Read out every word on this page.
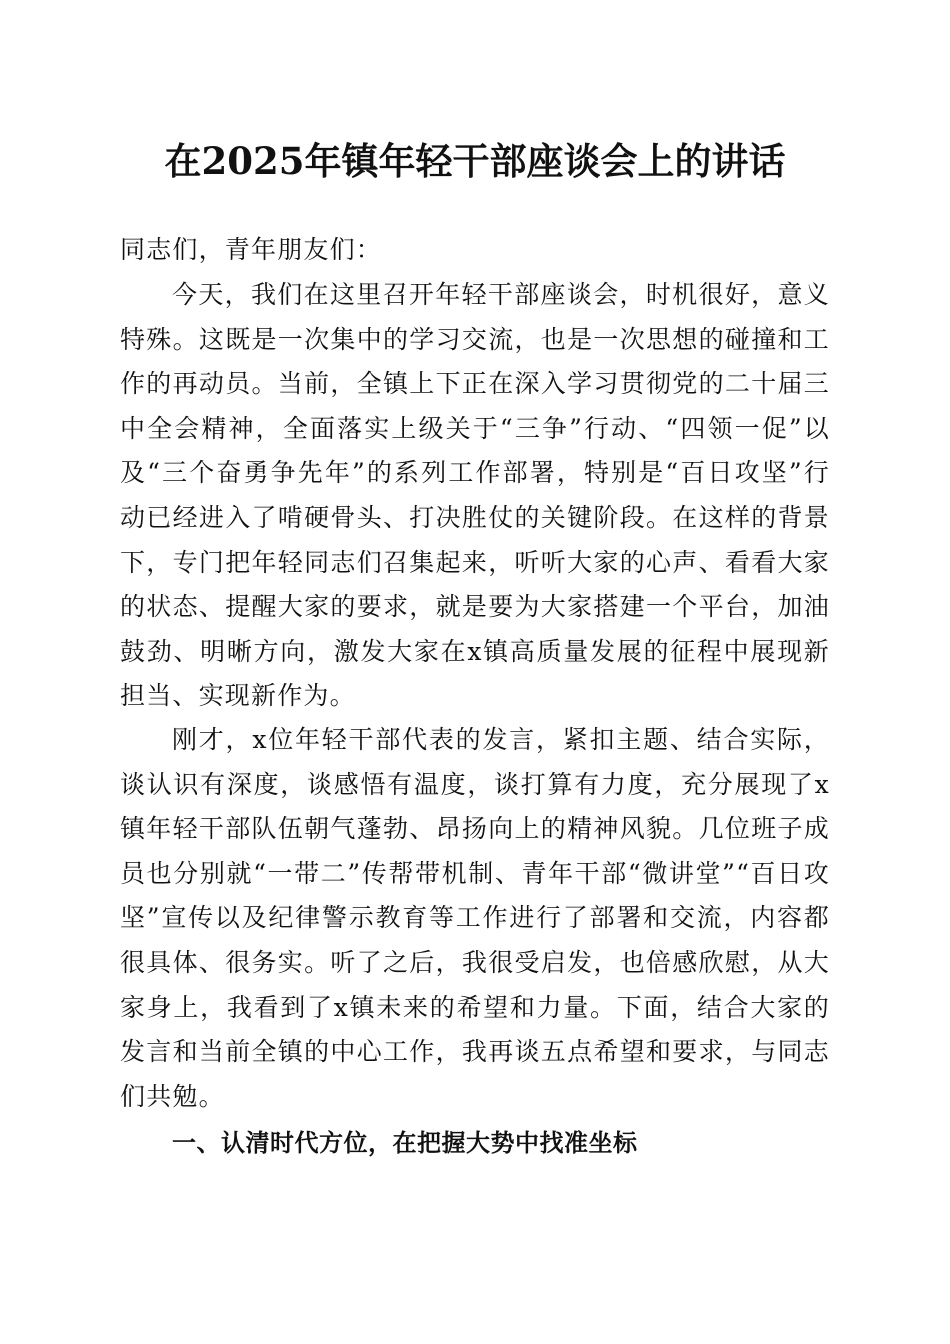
在2025年镇年轻干部座谈会上的讲话

同志们，青年朋友们：

今天，我们在这里召开年轻干部座谈会，时机很好，意义特殊。这既是一次集中的学习交流，也是一次思想的碰撞和工作的再动员。当前，全镇上下正在深入学习贯彻党的二十届三中全会精神，全面落实上级关于“三争”行动、“四领一促”以及“三个奋勇争先年”的系列工作部署，特别是“百日攻坚”行动已经进入了啃硬骨头、打决胜仗的关键阶段。在这样的背景下，专门把年轻同志们召集起来，听听大家的心声、看看大家的状态、提醒大家的要求，就是要为大家搭建一个平台，加油鼓劲、明晰方向，激发大家在x镇高质量发展的征程中展现新担当、实现新作为。

刚才，x位年轻干部代表的发言，紧扣主题、结合实际，谈认识有深度，谈感悟有温度，谈打算有力度，充分展现了x镇年轻干部队伍朝气蓬勃、昂扬向上的精神风貌。几位班子成员也分别就“一带二”传帮带机制、青年干部“微讲堂”“百日攻坚”宣传以及纪律警示教育等工作进行了部署和交流，内容都很具体、很务实。听了之后，我很受启发，也倍感欣慰，从大家身上，我看到了x镇未来的希望和力量。下面，结合大家的发言和当前全镇的中心工作，我再谈五点希望和要求，与同志们共勉。

一、认清时代方位，在把握大势中找准坐标
